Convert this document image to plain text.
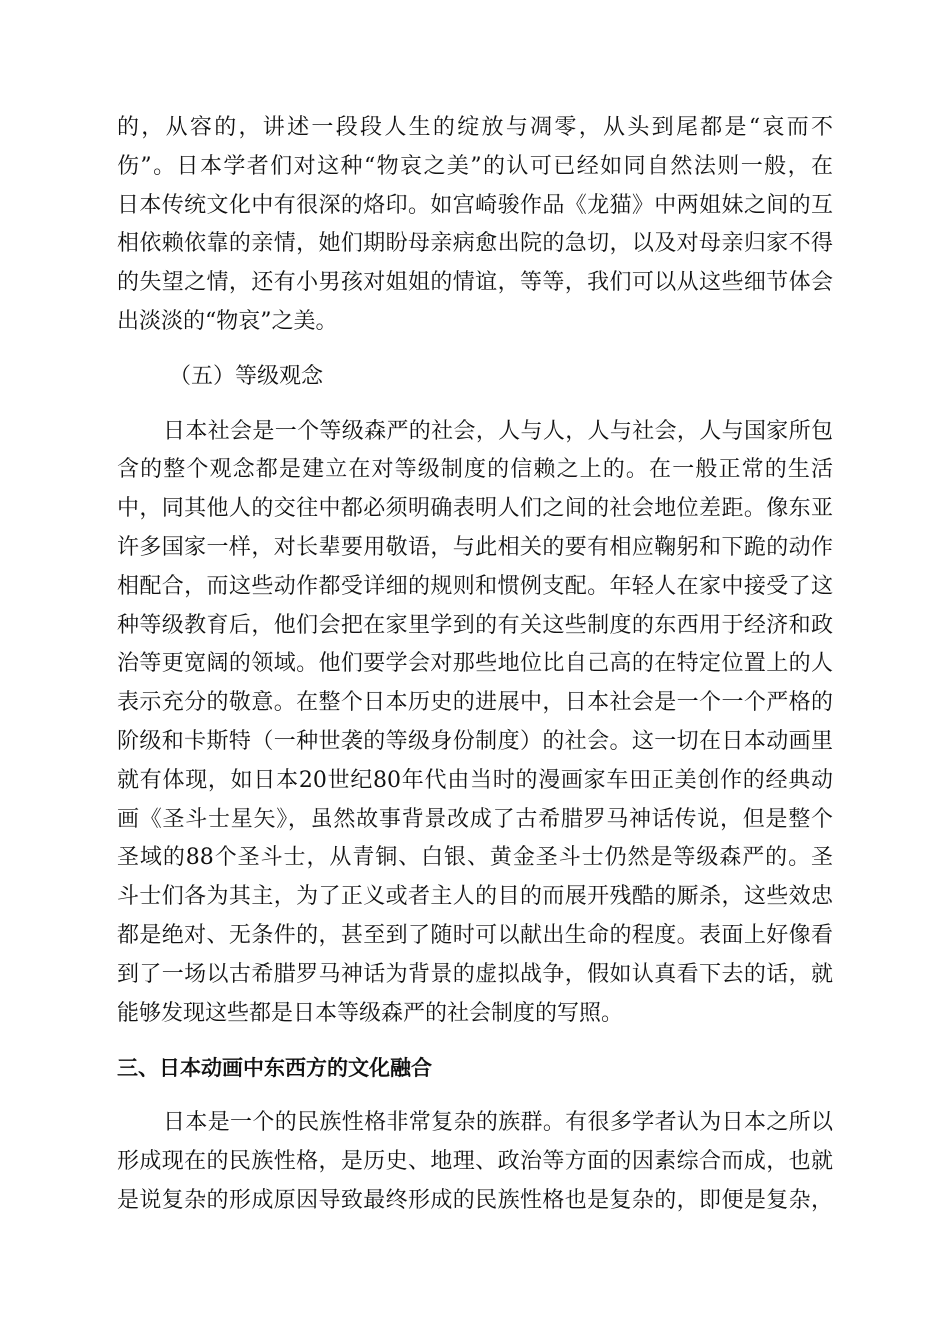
的，从容的，讲述一段段人生的绽放与凋零，从头到尾都是“哀而不
伤”。日本学者们对这种“物哀之美”的认可已经如同自然法则一般，在
日本传统文化中有很深的烙印。如宫崎骏作品《龙猫》中两姐妹之间的互
相依赖依靠的亲情，她们期盼母亲病愈出院的急切，以及对母亲归家不得
的失望之情，还有小男孩对姐姐的情谊，等等，我们可以从这些细节体会
出淡淡的“物哀”之美。
（五）等级观念
日本社会是一个等级森严的社会，人与人，人与社会，人与国家所包
含的整个观念都是建立在对等级制度的信赖之上的。在一般正常的生活
中，同其他人的交往中都必须明确表明人们之间的社会地位差距。像东亚
许多国家一样，对长辈要用敬语，与此相关的要有相应鞠躬和下跪的动作
相配合，而这些动作都受详细的规则和惯例支配。年轻人在家中接受了这
种等级教育后，他们会把在家里学到的有关这些制度的东西用于经济和政
治等更宽阔的领域。他们要学会对那些地位比自己高的在特定位置上的人
表示充分的敬意。在整个日本历史的进展中，日本社会是一个一个严格的
阶级和卡斯特（一种世袭的等级身份制度）的社会。这一切在日本动画里
就有体现，如日本20世纪80年代由当时的漫画家车田正美创作的经典动
画《圣斗士星矢》，虽然故事背景改成了古希腊罗马神话传说，但是整个
圣域的88个圣斗士，从青铜、白银、黄金圣斗士仍然是等级森严的。圣
斗士们各为其主，为了正义或者主人的目的而展开残酷的厮杀，这些效忠
都是绝对、无条件的，甚至到了随时可以献出生命的程度。表面上好像看
到了一场以古希腊罗马神话为背景的虚拟战争，假如认真看下去的话，就
能够发现这些都是日本等级森严的社会制度的写照。
三、日本动画中东西方的文化融合
日本是一个的民族性格非常复杂的族群。有很多学者认为日本之所以
形成现在的民族性格，是历史、地理、政治等方面的因素综合而成，也就
是说复杂的形成原因导致最终形成的民族性格也是复杂的，即便是复杂，
